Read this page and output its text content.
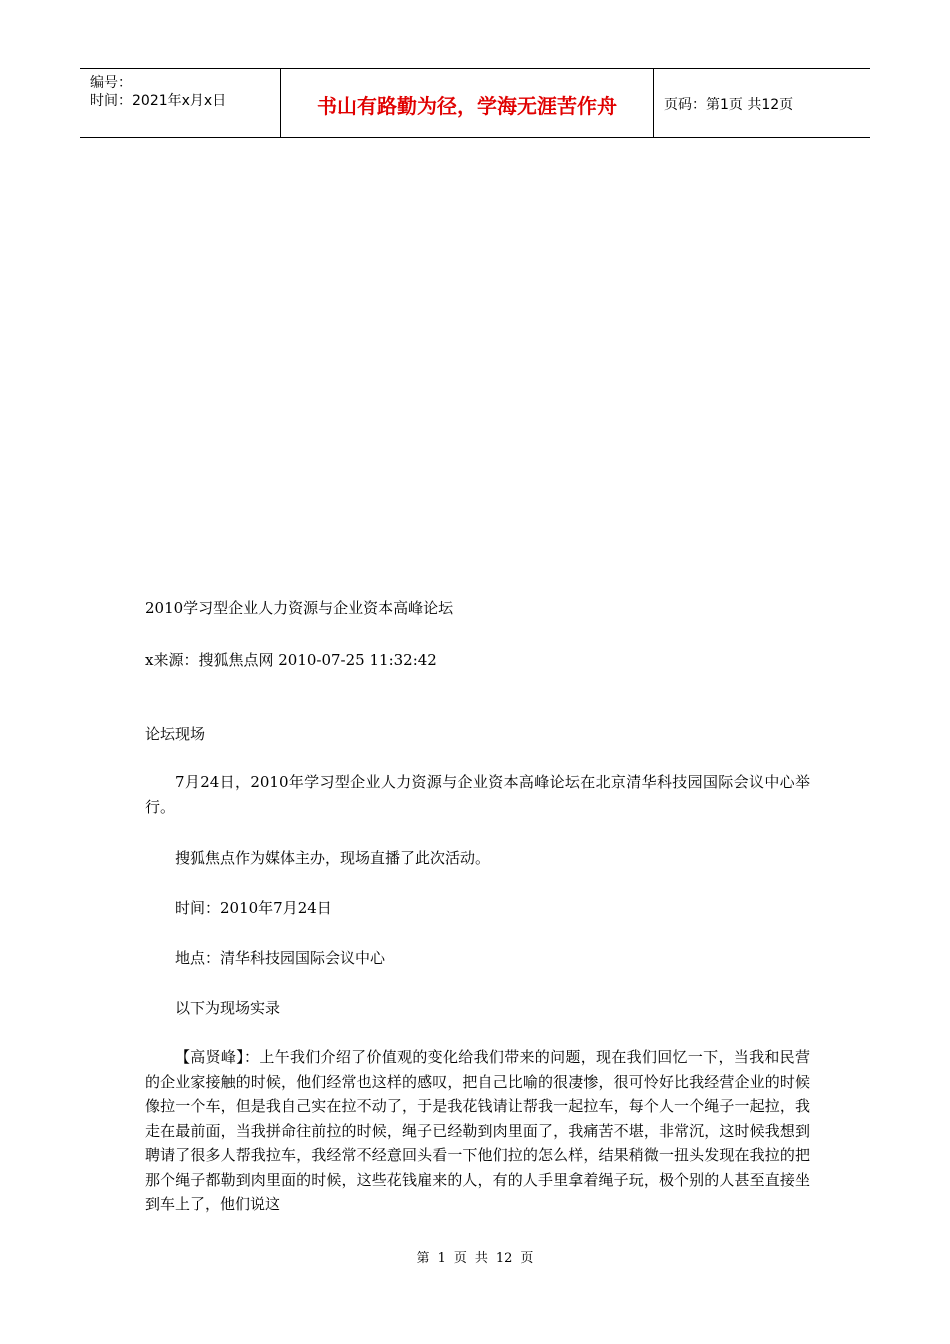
编号：
时间：2021年x月x日	书山有路勤为径，学海无涯苦作舟	页码：第1页 共12页
2010学习型企业人力资源与企业资本高峰论坛
x来源：搜狐焦点网 2010-07-25 11:32:42
论坛现场
7月24日，2010年学习型企业人力资源与企业资本高峰论坛在北京清华科技园国际会议中心举行。
搜狐焦点作为媒体主办，现场直播了此次活动。
时间：2010年7月24日
地点：清华科技园国际会议中心
以下为现场实录
【高贤峰】：上午我们介绍了价值观的变化给我们带来的问题，现在我们回忆一下，当我和民营的企业家接触的时候，他们经常也这样的感叹，把自己比喻的很凄惨，很可怜好比我经营企业的时候像拉一个车，但是我自己实在拉不动了，于是我花钱请让帮我一起拉车，每个人一个绳子一起拉，我走在最前面，当我拼命往前拉的时候，绳子已经勒到肉里面了，我痛苦不堪，非常沉，这时候我想到聘请了很多人帮我拉车，我经常不经意回头看一下他们拉的怎么样，结果稍微一扭头发现在我拉的把那个绳子都勒到肉里面的时候，这些花钱雇来的人，有的人手里拿着绳子玩，极个别的人甚至直接坐到车上了，他们说这
第 1 页 共 12 页
